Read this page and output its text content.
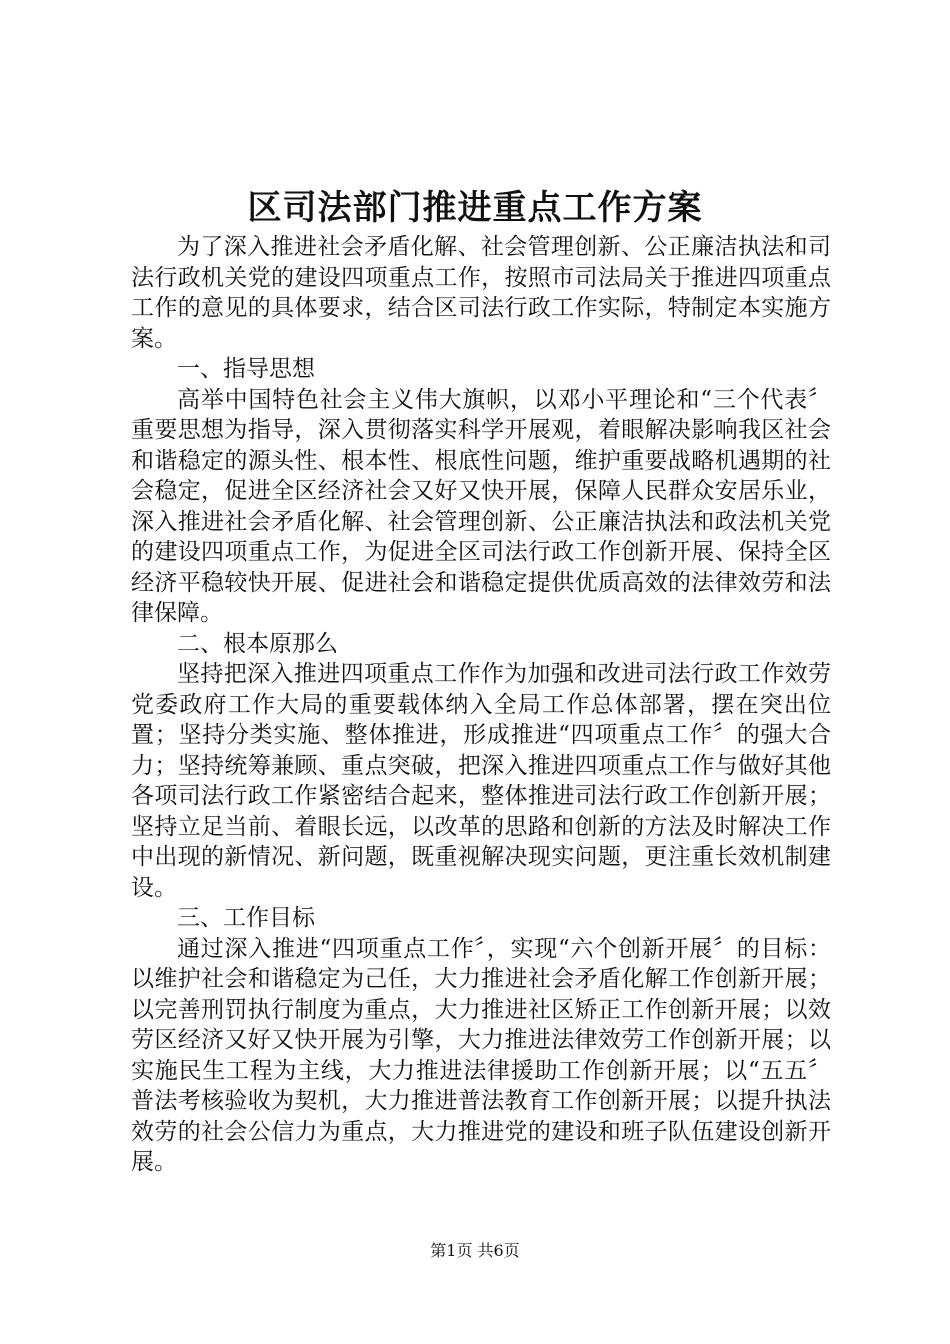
区司法部门推进重点工作方案

为了深入推进社会矛盾化解、社会管理创新、公正廉洁执法和司法行政机关党的建设四项重点工作，按照市司法局关于推进四项重点工作的意见的具体要求，结合区司法行政工作实际，特制定本实施方案。

一、指导思想

高举中国特色社会主义伟大旗帜，以邓小平理论和“三个代表〞重要思想为指导，深入贯彻落实科学开展观，着眼解决影响我区社会和谐稳定的源头性、根本性、根底性问题，维护重要战略机遇期的社会稳定，促进全区经济社会又好又快开展，保障人民群众安居乐业，深入推进社会矛盾化解、社会管理创新、公正廉洁执法和政法机关党的建设四项重点工作，为促进全区司法行政工作创新开展、保持全区经济平稳较快开展、促进社会和谐稳定提供优质高效的法律效劳和法律保障。

二、根本原那么

坚持把深入推进四项重点工作作为加强和改进司法行政工作效劳党委政府工作大局的重要载体纳入全局工作总体部署，摆在突出位置；坚持分类实施、整体推进，形成推进“四项重点工作〞的强大合力；坚持统筹兼顾、重点突破，把深入推进四项重点工作与做好其他各项司法行政工作紧密结合起来，整体推进司法行政工作创新开展；坚持立足当前、着眼长远，以改革的思路和创新的方法及时解决工作中出现的新情况、新问题，既重视解决现实问题，更注重长效机制建设。

三、工作目标

通过深入推进“四项重点工作〞，实现“六个创新开展〞的目标：以维护社会和谐稳定为己任，大力推进社会矛盾化解工作创新开展；以完善刑罚执行制度为重点，大力推进社区矫正工作创新开展；以效劳区经济又好又快开展为引擎，大力推进法律效劳工作创新开展；以实施民生工程为主线，大力推进法律援助工作创新开展；以“五五〞普法考核验收为契机，大力推进普法教育工作创新开展；以提升执法效劳的社会公信力为重点，大力推进党的建设和班子队伍建设创新开展。

第1页 共6页
